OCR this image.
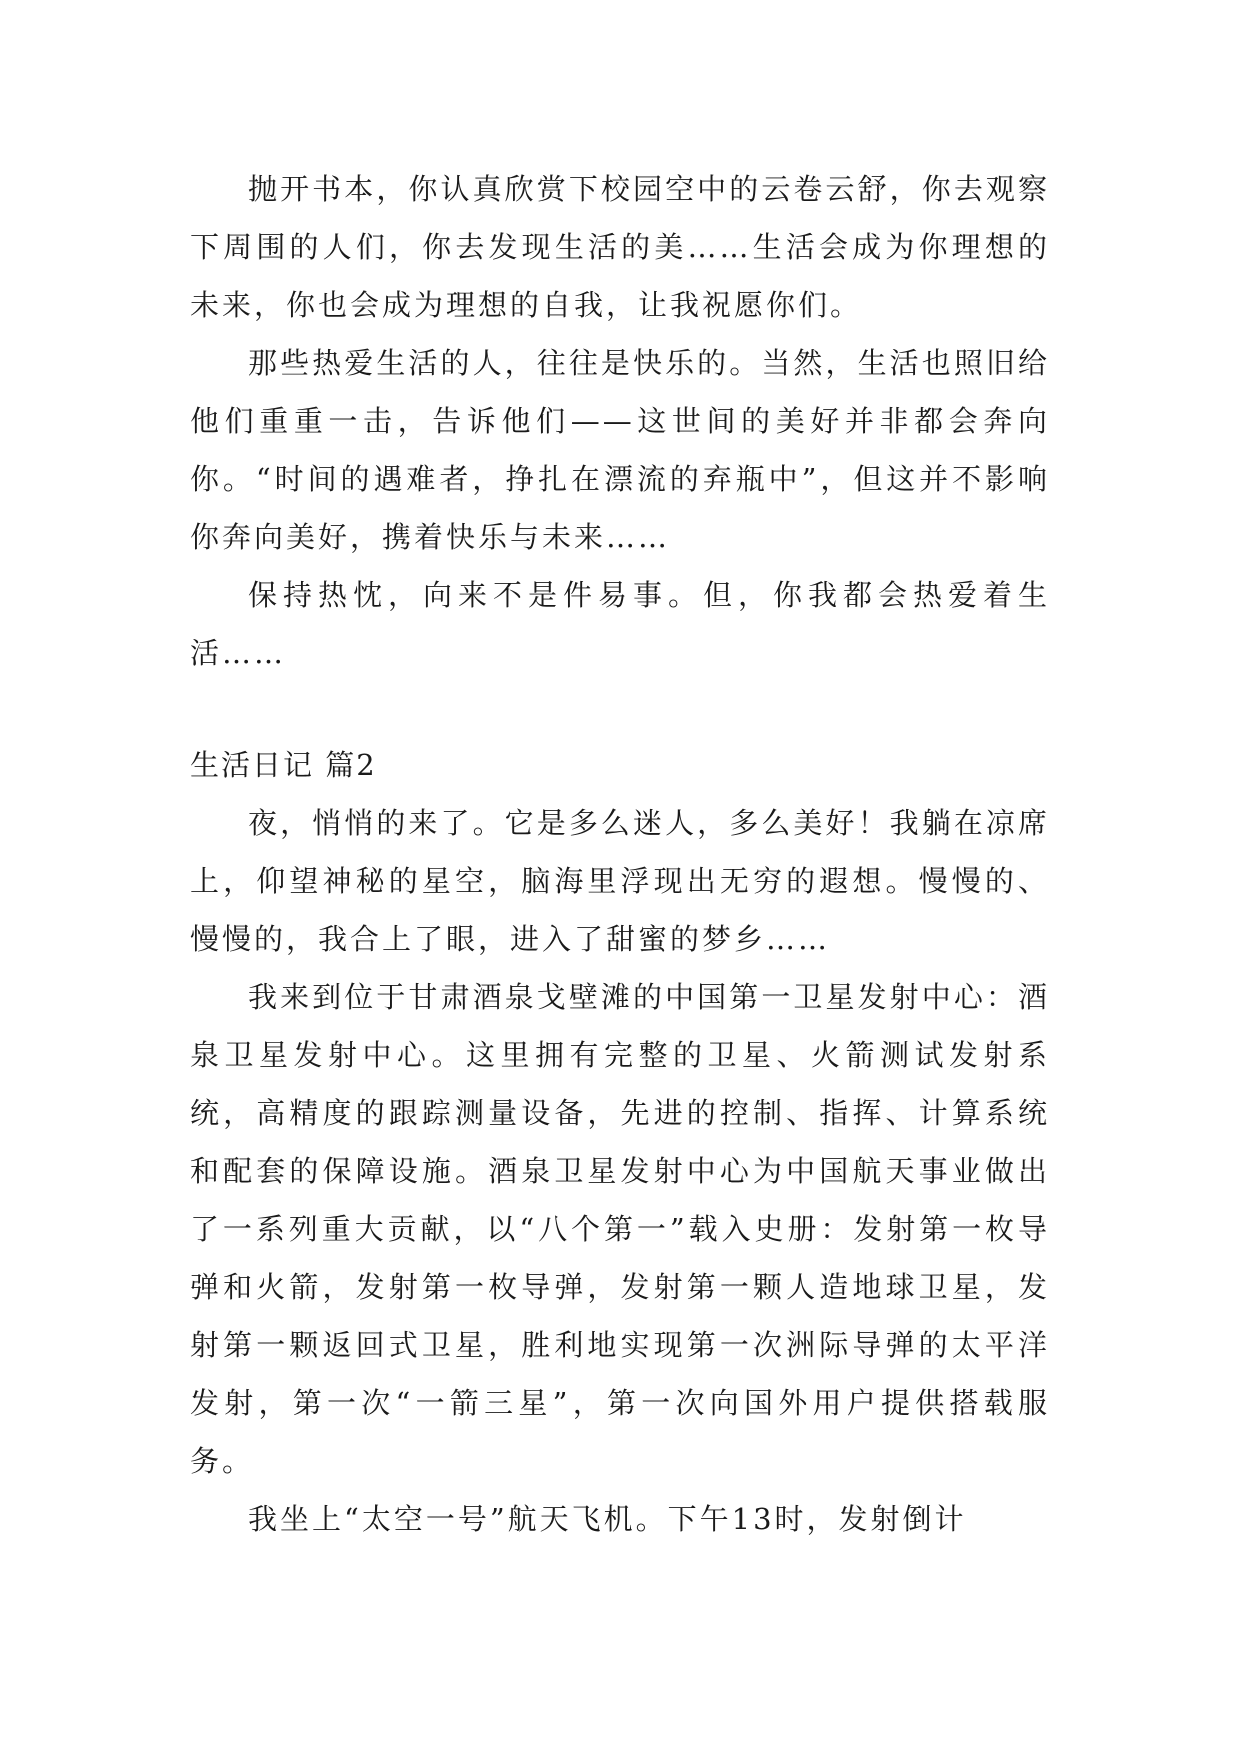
抛开书本，你认真欣赏下校园空中的云卷云舒，你去观察下周围的人们，你去发现生活的美……生活会成为你理想的未来，你也会成为理想的自我，让我祝愿你们。

那些热爱生活的人，往往是快乐的。当然，生活也照旧给他们重重一击，告诉他们——这世间的美好并非都会奔向你。“时间的遇难者，挣扎在漂流的弃瓶中”，但这并不影响你奔向美好，携着快乐与未来……

保持热忱，向来不是件易事。但，你我都会热爱着生活……

生活日记 篇2

夜，悄悄的来了。它是多么迷人，多么美好！我躺在凉席上，仰望神秘的星空，脑海里浮现出无穷的遐想。慢慢的、慢慢的，我合上了眼，进入了甜蜜的梦乡……

我来到位于甘肃酒泉戈壁滩的中国第一卫星发射中心：酒泉卫星发射中心。这里拥有完整的卫星、火箭测试发射系统，高精度的跟踪测量设备，先进的控制、指挥、计算系统和配套的保障设施。酒泉卫星发射中心为中国航天事业做出了一系列重大贡献，以“八个第一”载入史册：发射第一枚导弹和火箭，发射第一枚导弹，发射第一颗人造地球卫星，发射第一颗返回式卫星，胜利地实现第一次洲际导弹的太平洋发射，第一次“一箭三星”，第一次向国外用户提供搭载服务。

我坐上“太空一号”航天飞机。下午13时，发射倒计
